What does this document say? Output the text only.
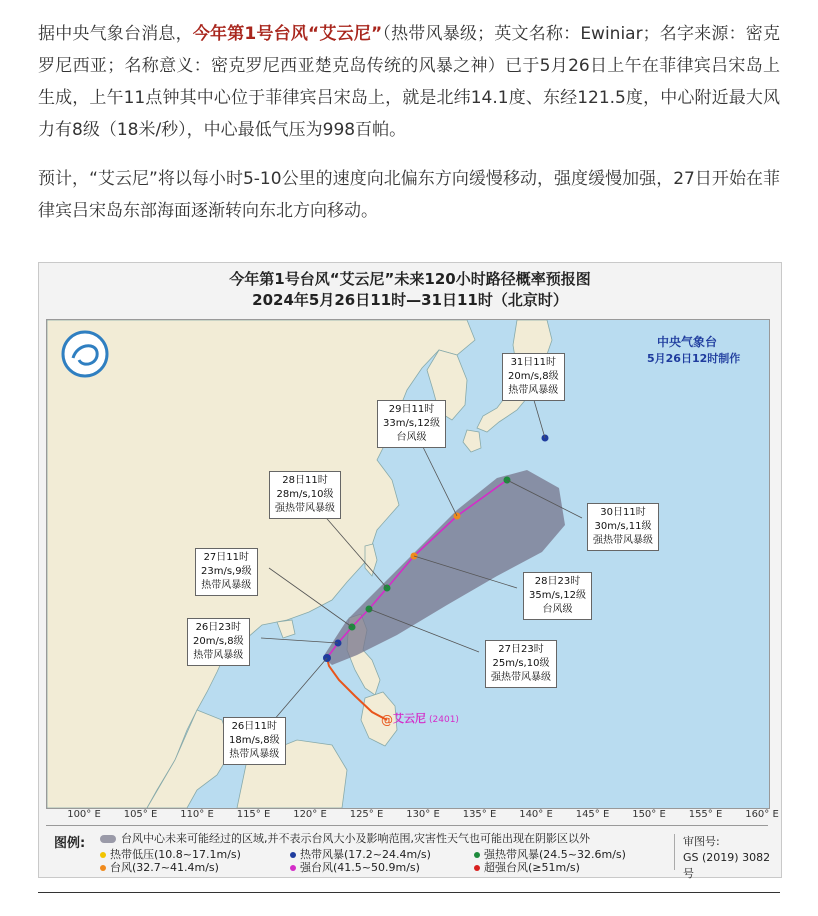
据中央气象台消息，今年第1号台风“艾云尼”（热带风暴级；英文名称：Ewiniar；名字来源：密克罗尼西亚；名称意义：密克罗尼西亚楚克岛传统的风暴之神）已于5月26日上午在菲律宾吕宋岛上生成，上午11点钟其中心位于菲律宾吕宋岛上，就是北纬14.1度、东经121.5度，中心附近最大风力有8级（18米/秒），中心最低气压为998百帕。

预计，“艾云尼”将以每小时5-10公里的速度向北偏东方向缓慢移动，强度缓慢加强，27日开始在菲律宾吕宋岛东部海面逐渐转向东北方向移动。

今年第1号台风“艾云尼”未来120小时路径概率预报图
2024年5月26日11时—31日11时（北京时）
@ 艾云尼 (2401)
中央气象台
5月26日12时制作
26日11时
18m/s,8级
热带风暴级
26日23时
20m/s,8级
热带风暴级
27日11时
23m/s,9级
热带风暴级
27日23时
25m/s,10级
强热带风暴级
28日11时
28m/s,10级
强热带风暴级
28日23时
35m/s,12级
台风级
29日11时
33m/s,12级
台风级
30日11时
30m/s,11级
强热带风暴级
31日11时
20m/s,8级
热带风暴级
100° E 105° E 110° E 115° E 120° E 125° E 130° E 135° E 140° E 145° E 150° E 155° E 160° E
图例:	台风中心未来可能经过的区域,并不表示台风大小及影响范围,灾害性天气也可能出现在阴影区以外
热带低压(10.8~17.1m/s)	热带风暴(17.2~24.4m/s)	强热带风暴(24.5~32.6m/s)
台风(32.7~41.4m/s)	强台风(41.5~50.9m/s)	超强台风(≥51m/s)
审图号:
GS (2019) 3082号
